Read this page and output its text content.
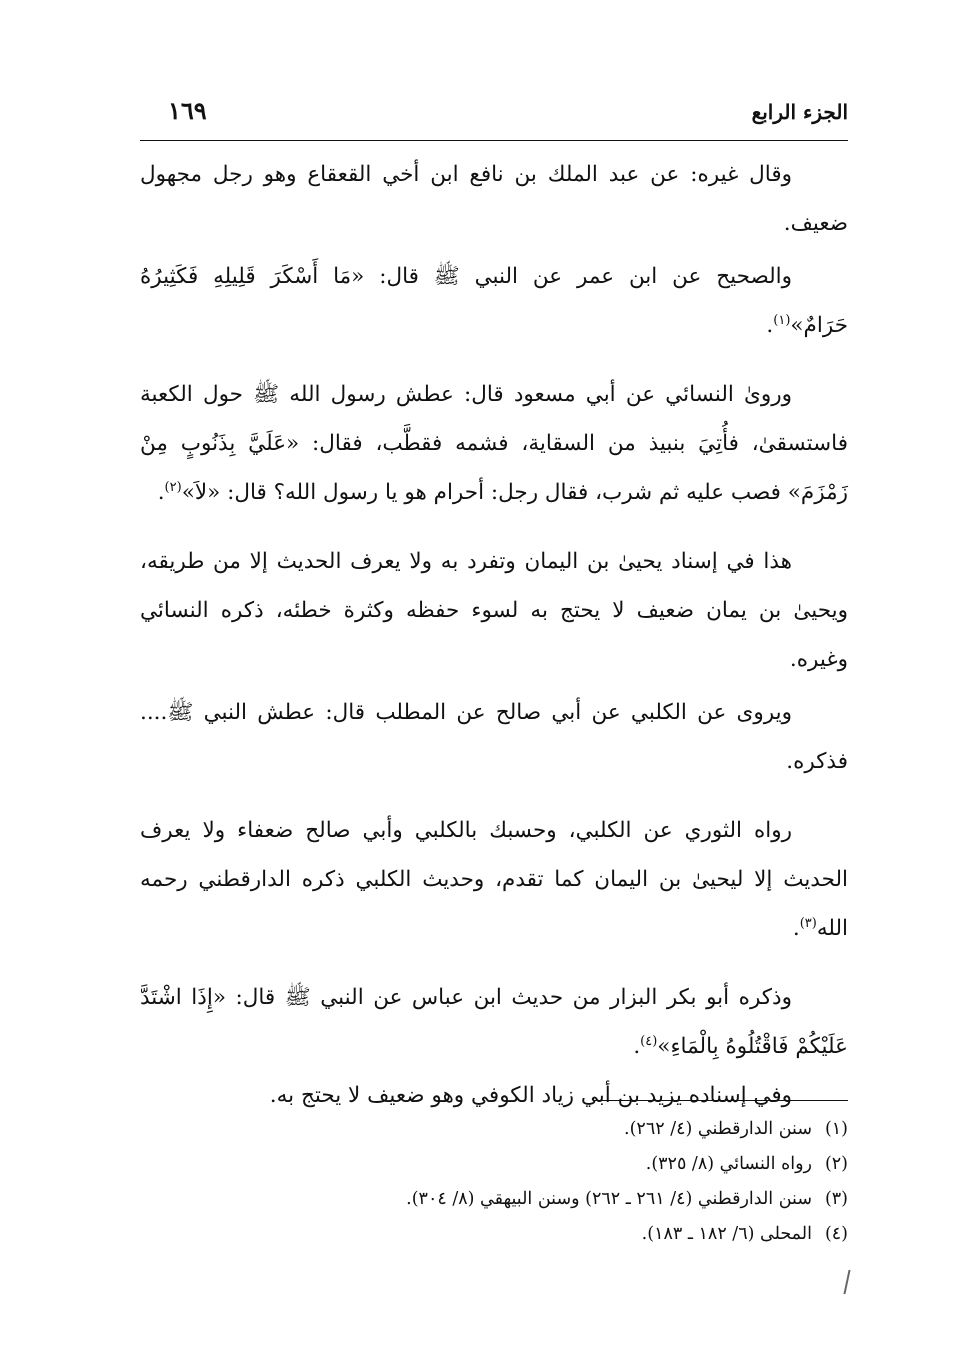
الجزء الرابع
١٦٩

وقال غيره: عن عبد الملك بن نافع ابن أخي القعقاع وهو رجل مجهول ضعيف.

والصحيح عن ابن عمر عن النبي ﷺ قال: «مَا أَسْكَرَ قَلِيلِهِ فَكَثِيرُهُ حَرَامٌ»$^{(١)}$.

وروىٰ النسائي عن أبي مسعود قال: عطش رسول الله ﷺ حول الكعبة فاستسقىٰ، فأُتِيَ بنبيذ من السقاية، فشمه فقطَّب، فقال: «عَلَيَّ بِذَنُوبٍ مِنْ زَمْزَمَ» فصب عليه ثم شرب، فقال رجل: أحرام هو يا رسول الله؟ قال: «لاَ»$^{(٢)}$.

هذا في إسناد يحيىٰ بن اليمان وتفرد به ولا يعرف الحديث إلا من طريقه، ويحيىٰ بن يمان ضعيف لا يحتج به لسوء حفظه وكثرة خطئه، ذكره النسائي وغيره.

ويروى عن الكلبي عن أبي صالح عن المطلب قال: عطش النبي ﷺ.... فذكره.

رواه الثوري عن الكلبي، وحسبك بالكلبي وأبي صالح ضعفاء ولا يعرف الحديث إلا ليحيىٰ بن اليمان كما تقدم، وحديث الكلبي ذكره الدارقطني رحمه الله$^{(٣)}$.

وذكره أبو بكر البزار من حديث ابن عباس عن النبي ﷺ قال: «إِذَا اشْتَدَّ عَلَيْكُمْ فَاقْتُلُوهُ بِالْمَاءِ»$^{(٤)}$.

وفي إسناده يزيد بن أبي زياد الكوفي وهو ضعيف لا يحتج به.

(١)
سنن الدارقطني (٤/ ٢٦٢).
(٢)
رواه النسائي (٨/ ٣٢٥).
(٣)
سنن الدارقطني (٤/ ٢٦١ ـ ٢٦٢) وسنن البيهقي (٨/ ٣٠٤).
(٤)
المحلى (٦/ ١٨٢ ـ ١٨٣).
